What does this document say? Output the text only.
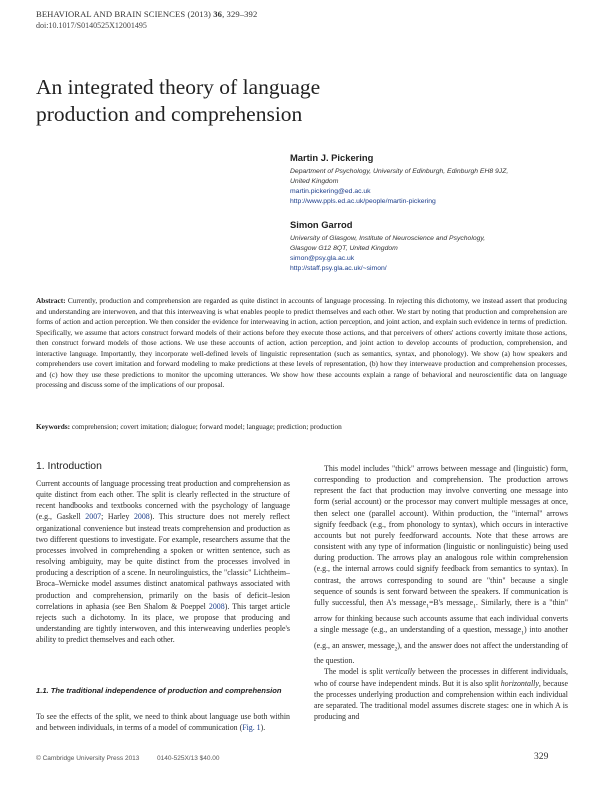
BEHAVIORAL AND BRAIN SCIENCES (2013) 36, 329–392
doi:10.1017/S0140525X12001495
An integrated theory of language
production and comprehension
Martin J. Pickering
Department of Psychology, University of Edinburgh, Edinburgh EH8 9JZ,
United Kingdom
martin.pickering@ed.ac.uk
http://www.ppls.ed.ac.uk/people/martin-pickering
Simon Garrod
University of Glasgow, Institute of Neuroscience and Psychology,
Glasgow G12 8QT, United Kingdom
simon@psy.gla.ac.uk
http://staff.psy.gla.ac.uk/~simon/
Abstract: Currently, production and comprehension are regarded as quite distinct in accounts of language processing. In rejecting this dichotomy, we instead assert that producing and understanding are interwoven, and that this interweaving is what enables people to predict themselves and each other. We start by noting that production and comprehension are forms of action and action perception. We then consider the evidence for interweaving in action, action perception, and joint action, and explain such evidence in terms of prediction. Specifically, we assume that actors construct forward models of their actions before they execute those actions, and that perceivers of others' actions covertly imitate those actions, then construct forward models of those actions. We use these accounts of action, action perception, and joint action to develop accounts of production, comprehension, and interactive language. Importantly, they incorporate well-defined levels of linguistic representation (such as semantics, syntax, and phonology). We show (a) how speakers and comprehenders use covert imitation and forward modeling to make predictions at these levels of representation, (b) how they interweave production and comprehension processes, and (c) how they use these predictions to monitor the upcoming utterances. We show how these accounts explain a range of behavioral and neuroscientific data on language processing and discuss some of the implications of our proposal.
Keywords: comprehension; covert imitation; dialogue; forward model; language; prediction; production
1. Introduction

Current accounts of language processing treat production and comprehension as quite distinct from each other. The split is clearly reflected in the structure of recent handbooks and textbooks concerned with the psychology of language (e.g., Gaskell 2007; Harley 2008). This structure does not merely reflect organizational convenience but instead treats comprehension and production as two different questions to investigate. For example, researchers assume that the processes involved in comprehending a spoken or written sentence, such as resolving ambiguity, may be quite distinct from the processes involved in producing a description of a scene. In neurolinguistics, the "classic" Lichtheim–Broca–Wernicke model assumes distinct anatomical pathways associated with production and comprehension, primarily on the basis of deficit–lesion correlations in aphasia (see Ben Shalom & Poeppel 2008). This target article rejects such a dichotomy. In its place, we propose that producing and understanding are tightly interwoven, and this interweaving underlies people's ability to predict themselves and each other.

1.1. The traditional independence of production and comprehension

To see the effects of the split, we need to think about language use both within and between individuals, in terms of a model of communication (Fig. 1).

This model includes "thick" arrows between message and (linguistic) form, corresponding to production and comprehension. The production arrows represent the fact that production may involve converting one message into form (serial account) or the processor may convert multiple messages at once, then select one (parallel account). Within production, the "internal" arrows signify feedback (e.g., from phonology to syntax), which occurs in interactive accounts but not purely feedforward accounts. Note that these arrows are consistent with any type of information (linguistic or nonlinguistic) being used during production. The arrows play an analogous role within comprehension (e.g., the internal arrows could signify feedback from semantics to syntax). In contrast, the arrows corresponding to sound are "thin" because a single sequence of sounds is sent forward between the speakers. If communication is fully successful, then A's message$_1$=B's message$_1$. Similarly, there is a "thin" arrow for thinking because such accounts assume that each individual converts a single message (e.g., an understanding of a question, message$_1$) into another (e.g., an answer, message$_2$), and the answer does not affect the understanding of the question.

The model is split vertically between the processes in different individuals, who of course have independent minds. But it is also split horizontally, because the processes underlying production and comprehension within each individual are separated. The traditional model assumes discrete stages: one in which A is producing and

© Cambridge University Press 2013	0140-525X/13 $40.00	329
